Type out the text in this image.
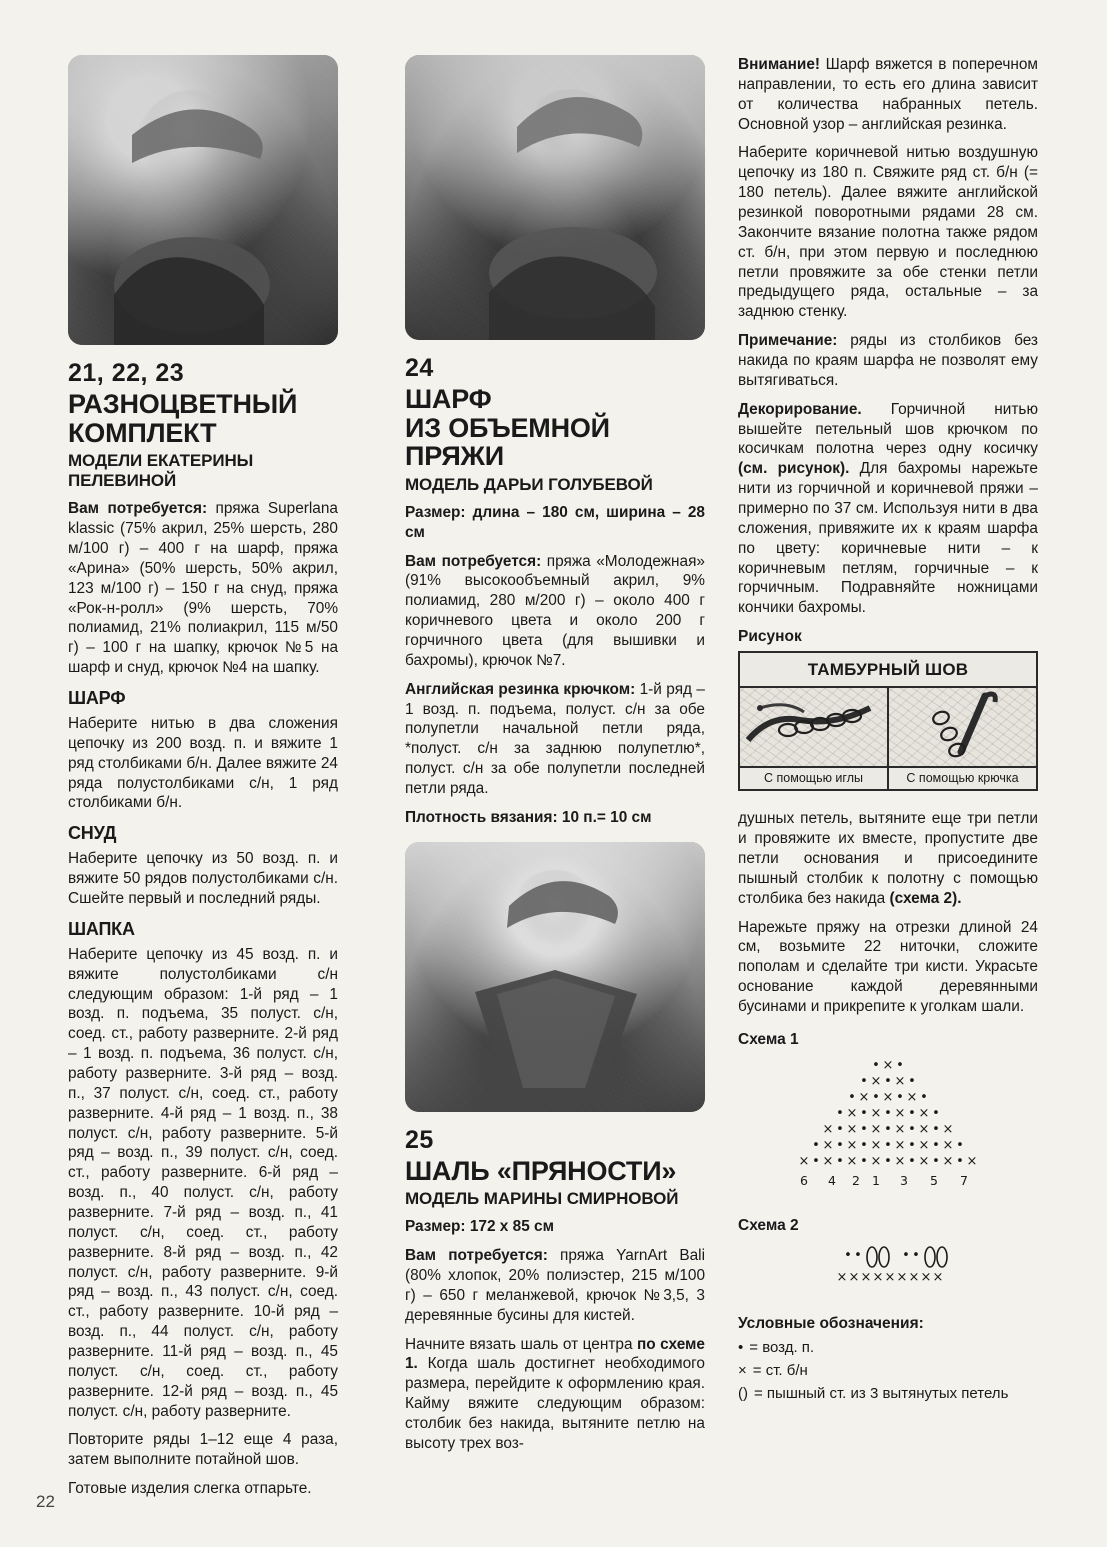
21, 22, 23
РАЗНОЦВЕТНЫЙ
КОМПЛЕКТ
МОДЕЛИ ЕКАТЕРИНЫ ПЕЛЕВИНОЙ

Вам потребуется: пряжа Superlana klassic (75% акрил, 25% шерсть, 280 м/100 г) – 400 г на шарф, пряжа «Арина» (50% шерсть, 50% акрил, 123 м/100 г) – 150 г на снуд, пряжа «Рок-н-ролл» (9% шерсть, 70% полиамид, 21% полиакрил, 115 м/50 г) – 100 г на шапку, крючок №5 на шарф и снуд, крючок №4 на шапку.

ШАРФ

Наберите нитью в два сложения цепочку из 200 возд. п. и вяжите 1 ряд столбиками б/н. Далее вяжите 24 ряда полустолбиками с/н, 1 ряд столбиками б/н.

СНУД

Наберите цепочку из 50 возд. п. и вяжите 50 рядов полустолбиками с/н. Сшейте первый и последний ряды.

ШАПКА

Наберите цепочку из 45 возд. п. и вяжите полустолбиками с/н следующим образом: 1-й ряд – 1 возд. п. подъема, 35 полуст. с/н, соед. ст., работу разверните. 2-й ряд – 1 возд. п. подъема, 36 полуст. с/н, работу разверните. 3-й ряд – возд. п., 37 полуст. с/н, соед. ст., работу разверните. 4-й ряд – 1 возд. п., 38 полуст. с/н, работу разверните. 5-й ряд – возд. п., 39 полуст. с/н, соед. ст., работу разверните. 6-й ряд – возд. п., 40 полуст. с/н, работу разверните. 7-й ряд – возд. п., 41 полуст. с/н, соед. ст., работу разверните. 8-й ряд – возд. п., 42 полуст. с/н, работу разверните. 9-й ряд – возд. п., 43 полуст. с/н, соед. ст., работу разверните. 10-й ряд – возд. п., 44 полуст. с/н, работу разверните. 11-й ряд – возд. п., 45 полуст. с/н, соед. ст., работу разверните. 12-й ряд – возд. п., 45 полуст. с/н, работу разверните.

Повторите ряды 1–12 еще 4 раза, затем выполните потайной шов.

Готовые изделия слегка отпарьте.

24
ШАРФ
ИЗ ОБЪЕМНОЙ ПРЯЖИ
МОДЕЛЬ ДАРЬИ ГОЛУБЕВОЙ

Размер: длина – 180 см, ширина – 28 см

Вам потребуется: пряжа «Молодежная» (91% высокообъемный акрил, 9% полиамид, 280 м/200 г) – около 400 г коричневого цвета и около 200 г горчичного цвета (для вышивки и бахромы), крючок №7.

Английская резинка крючком: 1-й ряд – 1 возд. п. подъема, полуст. с/н за обе полупетли начальной петли ряда, *полуст. с/н за заднюю полупетлю*, полуст. с/н за обе полупетли последней петли ряда.

Плотность вязания: 10 п.= 10 см

25
ШАЛЬ «ПРЯНОСТИ»
МОДЕЛЬ МАРИНЫ СМИРНОВОЙ

Размер: 172 х 85 см

Вам потребуется: пряжа YarnArt Bali (80% хлопок, 20% полиэстер, 215 м/100 г) – 650 г меланжевой, крючок №3,5, 3 деревянные бусины для кистей.

Начните вязать шаль от центра по схеме 1. Когда шаль достигнет необходимого размера, перейдите к оформлению края. Кайму вяжите следующим образом: столбик без накида, вытяните петлю на высоту трех воз-

Внимание! Шарф вяжется в поперечном направлении, то есть его длина зависит от количества набранных петель. Основной узор – английская резинка.

Наберите коричневой нитью воздушную цепочку из 180 п. Свяжите ряд ст. б/н (= 180 петель). Далее вяжите английской резинкой поворотными рядами 28 см. Закончите вязание полотна также рядом ст. б/н, при этом первую и последнюю петли провяжите за обе стенки петли предыдущего ряда, остальные – за заднюю стенку.

Примечание: ряды из столбиков без накида по краям шарфа не позволят ему вытягиваться.

Декорирование. Горчичной нитью вышейте петельный шов крючком по косичкам полотна через одну косичку (см. рисунок). Для бахромы нарежьте нити из горчичной и коричневой пряжи – примерно по 37 см. Используя нити в два сложения, привяжите их к краям шарфа по цвету: коричневые нити – к коричневым петлям, горчичные – к горчичным. Подравняйте ножницами кончики бахромы.

Рисунок
ТАМБУРНЫЙ ШОВ
С помощью иглы	С помощью крючка

душных петель, вытяните еще три петли и провяжите их вместе, пропустите две петли основания и присоедините пышный столбик к полотну с помощью столбика без накида (схема 2).

Нарежьте пряжу на отрезки длиной 24 см, возьмите 22 ниточки, сложите пополам и сделайте три кисти. Украсьте основание каждой деревянными бусинами и прикрепите к уголкам шали.

Схема 1
×
• •
• × • × •
• × • × • × •
• × • × • × • × •
× • × • × • × • × • ×
• × • × • × • × • × • × •
× • × • × • × • × • × • × • ×
6 4 2 1 3 5 7
Схема 2
• •	• •
× × × × × × × × ×
Условные обозначения:
• = возд. п.
× = ст. б/н
() = пышный ст. из 3 вытянутых петель
22
